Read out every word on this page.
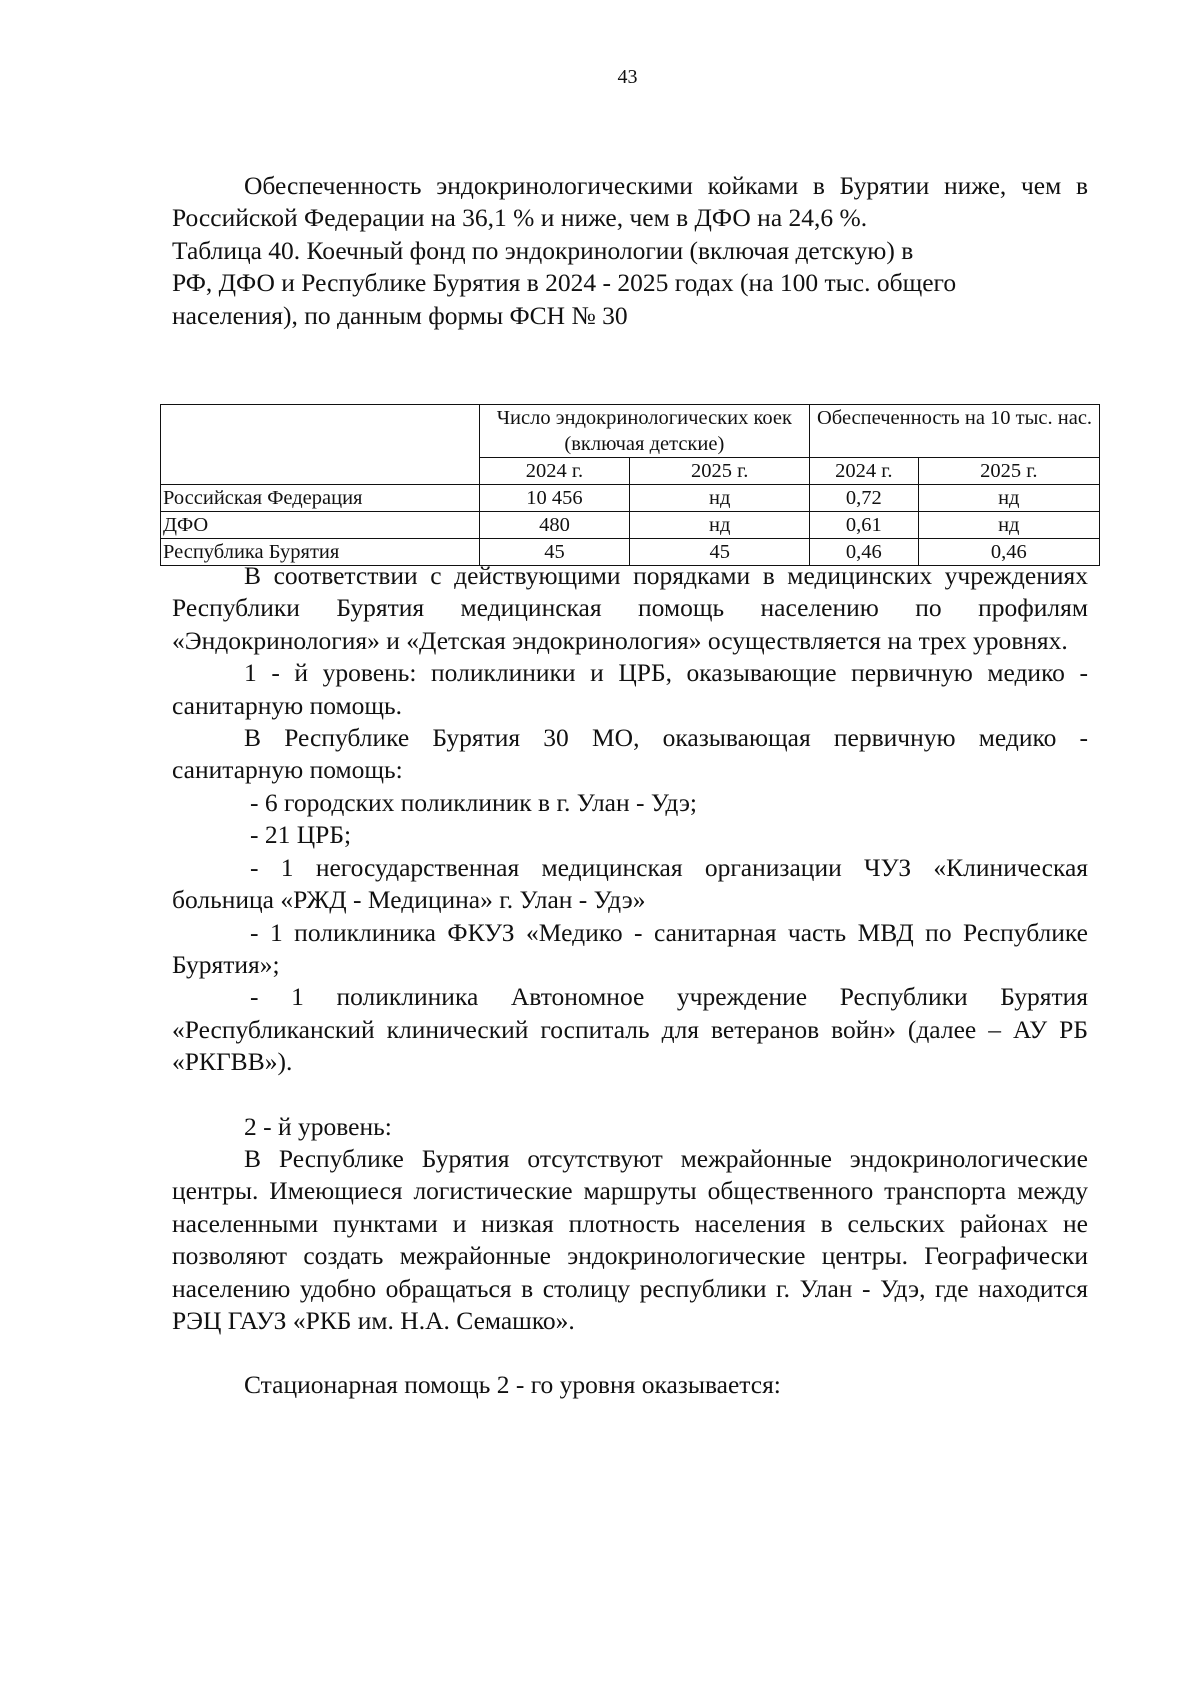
43

Обеспеченность эндокринологическими койками в Бурятии ниже, чем в Российской Федерации на 36,1 % и ниже, чем в ДФО на 24,6 %.

Таблица 40. Коечный фонд по эндокринологии (включая детскую) в
РФ, ДФО и Республике Бурятия в 2024 - 2025 годах (на 100 тыс. общего
населения), по данным формы ФСН № 30

В соответствии с действующими порядками в медицинских учреждениях Республики Бурятия медицинская помощь населению по профилям «Эндокринология» и «Детская эндокринология» осуществляется на трех уровнях.

1 - й уровень: поликлиники и ЦРБ, оказывающие первичную медико - санитарную помощь.

В Республике Бурятия 30 МО, оказывающая первичную медико - санитарную помощь:

- 6 городских поликлиник в г. Улан - Удэ;

- 21 ЦРБ;

- 1 негосударственная медицинская организации ЧУЗ «Клиническая больница «РЖД - Медицина» г. Улан - Удэ»

- 1 поликлиника ФКУЗ «Медико - санитарная часть МВД по Республике Бурятия»;

- 1 поликлиника Автономное учреждение Республики Бурятия «Республиканский клинический госпиталь для ветеранов войн» (далее – АУ РБ «РКГВВ»).

2 - й уровень:

В Республике Бурятия отсутствуют межрайонные эндокринологические центры. Имеющиеся логистические маршруты общественного транспорта между населенными пунктами и низкая плотность населения в сельских районах не позволяют создать межрайонные эндокринологические центры. Географически населению удобно обращаться в столицу республики г. Улан - Удэ, где находится РЭЦ ГАУЗ «РКБ им. Н.А. Семашко».

Стационарная помощь 2 - го уровня оказывается:

	Число эндокринологических коек (включая детские)		Обеспеченность на 10 тыс. нас.	
	2024 г.	2025 г.	2024 г.	2025 г.
Российская Федерация	10 456	нд	0,72	нд
ДФО	480	нд	0,61	нд
Республика Бурятия	45	45	0,46	0,46
